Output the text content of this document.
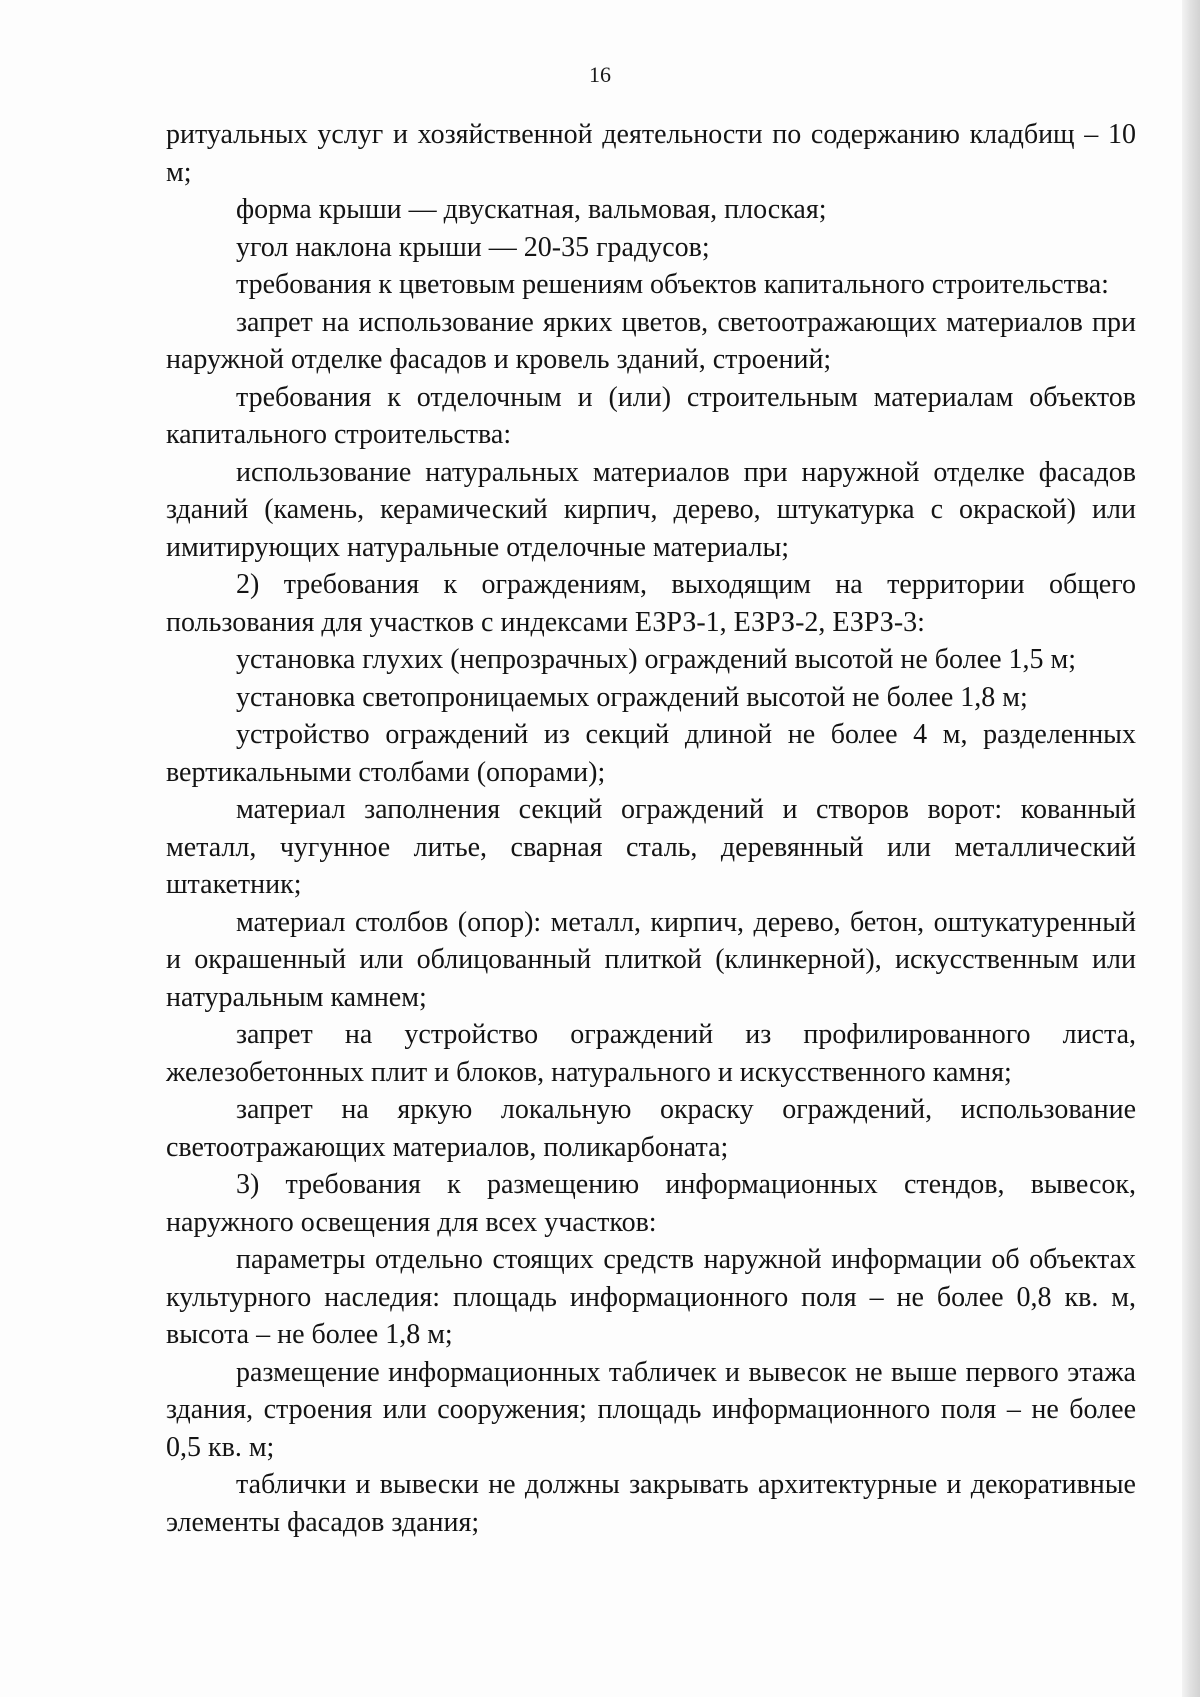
16

ритуальных услуг и хозяйственной деятельности по содержанию кладбищ – 10 м;

форма крыши — двускатная, вальмовая, плоская;

угол наклона крыши — 20-35 градусов;

требования к цветовым решениям объектов капитального строительства:

запрет на использование ярких цветов, светоотражающих материалов при наружной отделке фасадов и кровель зданий, строений;

требования к отделочным и (или) строительным материалам объектов капитального строительства:

использование натуральных материалов при наружной отделке фасадов зданий (камень, керамический кирпич, дерево, штукатурка с окраской) или имитирующих натуральные отделочные материалы;

2) требования к ограждениям, выходящим на территории общего пользования для участков с индексами ЕЗРЗ-1, ЕЗРЗ-2, ЕЗРЗ-3:

установка глухих (непрозрачных) ограждений высотой не более 1,5 м;

установка светопроницаемых ограждений высотой не более 1,8 м;

устройство ограждений из секций длиной не более 4 м, разделенных вертикальными столбами (опорами);

материал заполнения секций ограждений и створов ворот: кованный металл, чугунное литье, сварная сталь, деревянный или металлический штакетник;

материал столбов (опор): металл, кирпич, дерево, бетон, оштукатуренный и окрашенный или облицованный плиткой (клинкерной), искусственным или натуральным камнем;

запрет на устройство ограждений из профилированного листа, железобетонных плит и блоков, натурального и искусственного камня;

запрет на яркую локальную окраску ограждений, использование светоотражающих материалов, поликарбоната;

3) требования к размещению информационных стендов, вывесок, наружного освещения для всех участков:

параметры отдельно стоящих средств наружной информации об объектах культурного наследия: площадь информационного поля – не более 0,8 кв. м, высота – не более 1,8 м;

размещение информационных табличек и вывесок не выше первого этажа здания, строения или сооружения; площадь информационного поля – не более 0,5 кв. м;

таблички и вывески не должны закрывать архитектурные и декоративные элементы фасадов здания;
